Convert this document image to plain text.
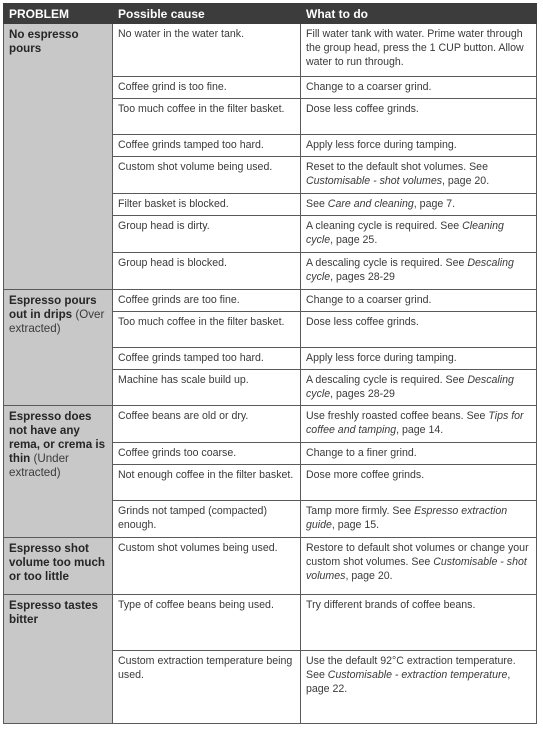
PROBLEM	Possible cause	What to do
No espresso pours	No water in the water tank.	Fill water tank with water. Prime water through the group head, press the 1 CUP button. Allow water to run through.
	Coffee grind is too fine.	Change to a coarser grind.
	Too much coffee in the filter basket.	Dose less coffee grinds.
	Coffee grinds tamped too hard.	Apply less force during tamping.
	Custom shot volume being used.	Reset to the default shot volumes. See Customisable - shot volumes, page 20.
	Filter basket is blocked.	See Care and cleaning, page 7.
	Group head is dirty.	A cleaning cycle is required. See Cleaning cycle, page 25.
	Group head is blocked.	A descaling cycle is required. See Descaling cycle, pages 28-29
Espresso pours out in drips (Over extracted)	Coffee grinds are too fine.	Change to a coarser grind.
	Too much coffee in the filter basket.	Dose less coffee grinds.
	Coffee grinds tamped too hard.	Apply less force during tamping.
	Machine has scale build up.	A descaling cycle is required. See Descaling cycle, pages 28-29
Espresso does not have any rema, or crema is thin (Under extracted)	Coffee beans are old or dry.	Use freshly roasted coffee beans. See Tips for coffee and tamping, page 14.
	Coffee grinds too coarse.	Change to a finer grind.
	Not enough coffee in the filter basket.	Dose more coffee grinds.
	Grinds not tamped (compacted) enough.	Tamp more firmly. See Espresso extraction guide, page 15.
Espresso shot volume too much or too little	Custom shot volumes being used.	Restore to default shot volumes or change your custom shot volumes. See Customisable - shot volumes, page 20.
Espresso tastes bitter	Type of coffee beans being used.	Try different brands of coffee beans.
	Custom extraction temperature being used.	Use the default 92°C extraction temperature. See Customisable - extraction temperature, page 22.
